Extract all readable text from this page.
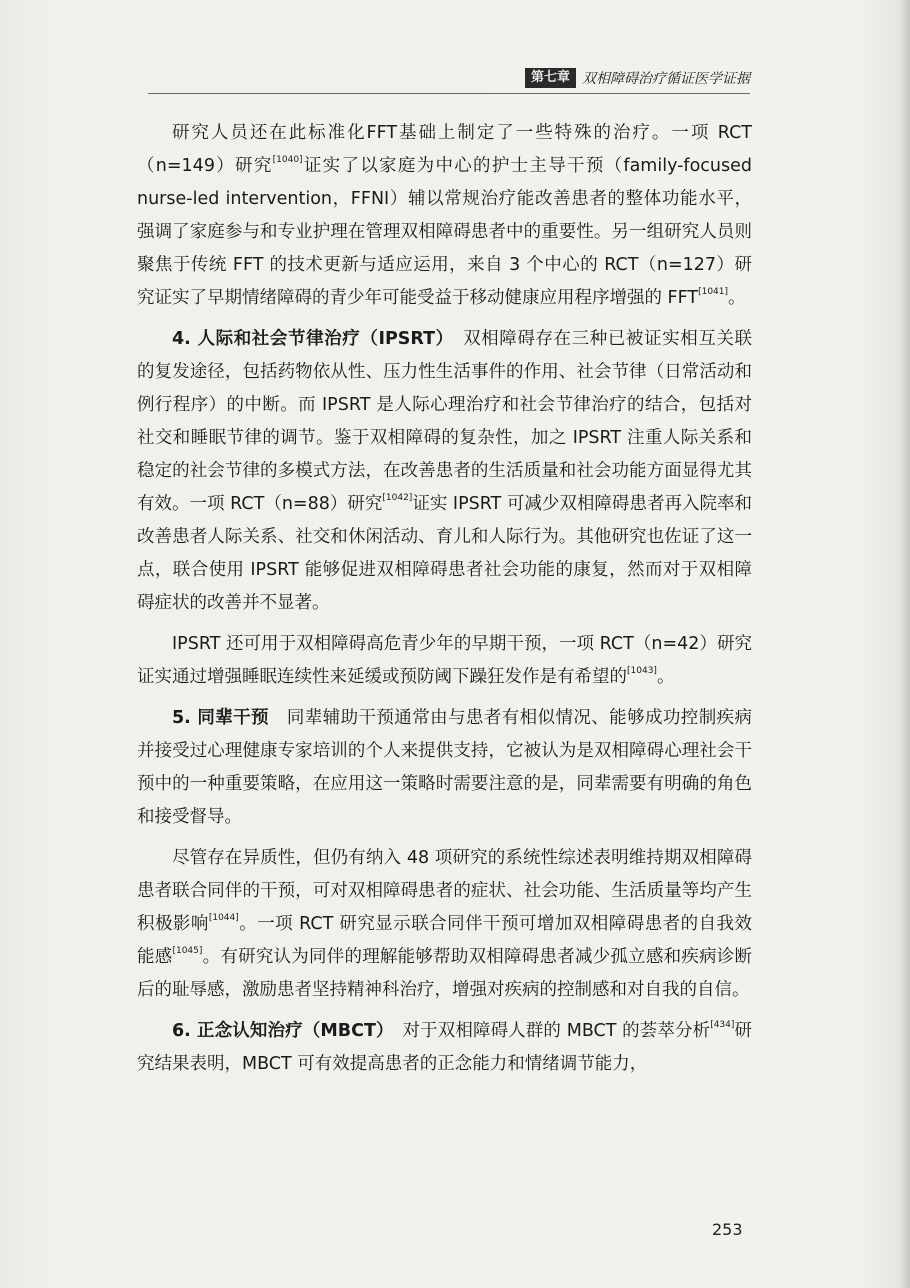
第七章 双相障碍治疗循证医学证据

研究人员还在此标准化FFT基础上制定了一些特殊的治疗。一项 RCT（n=149）研究[1040]证实了以家庭为中心的护士主导干预（family-focused nurse-led intervention，FFNI）辅以常规治疗能改善患者的整体功能水平，强调了家庭参与和专业护理在管理双相障碍患者中的重要性。另一组研究人员则聚焦于传统 FFT 的技术更新与适应运用，来自 3 个中心的 RCT（n=127）研究证实了早期情绪障碍的青少年可能受益于移动健康应用程序增强的 FFT[1041]。

4. 人际和社会节律治疗（IPSRT）　双相障碍存在三种已被证实相互关联的复发途径，包括药物依从性、压力性生活事件的作用、社会节律（日常活动和例行程序）的中断。而 IPSRT 是人际心理治疗和社会节律治疗的结合，包括对社交和睡眠节律的调节。鉴于双相障碍的复杂性，加之 IPSRT 注重人际关系和稳定的社会节律的多模式方法，在改善患者的生活质量和社会功能方面显得尤其有效。一项 RCT（n=88）研究[1042]证实 IPSRT 可减少双相障碍患者再入院率和改善患者人际关系、社交和休闲活动、育儿和人际行为。其他研究也佐证了这一点，联合使用 IPSRT 能够促进双相障碍患者社会功能的康复，然而对于双相障碍症状的改善并不显著。

IPSRT 还可用于双相障碍高危青少年的早期干预，一项 RCT（n=42）研究证实通过增强睡眠连续性来延缓或预防阈下躁狂发作是有希望的[1043]。

5. 同辈干预　同辈辅助干预通常由与患者有相似情况、能够成功控制疾病并接受过心理健康专家培训的个人来提供支持，它被认为是双相障碍心理社会干预中的一种重要策略，在应用这一策略时需要注意的是，同辈需要有明确的角色和接受督导。

尽管存在异质性，但仍有纳入 48 项研究的系统性综述表明维持期双相障碍患者联合同伴的干预，可对双相障碍患者的症状、社会功能、生活质量等均产生积极影响[1044]。一项 RCT 研究显示联合同伴干预可增加双相障碍患者的自我效能感[1045]。有研究认为同伴的理解能够帮助双相障碍患者减少孤立感和疾病诊断后的耻辱感，激励患者坚持精神科治疗，增强对疾病的控制感和对自我的自信。

6. 正念认知治疗（MBCT）　对于双相障碍人群的 MBCT 的荟萃分析[434]研究结果表明，MBCT 可有效提高患者的正念能力和情绪调节能力，

253
